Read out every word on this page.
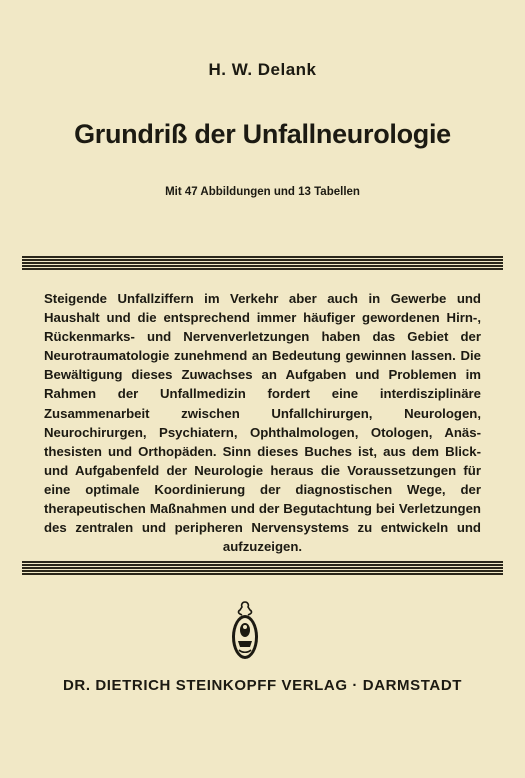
H. W. Delank
Grundriß der Unfallneurologie
Mit 47 Abbildungen und 13 Tabellen
Steigende Unfallziffern im Verkehr aber auch in Gewerbe und Haushalt und die entsprechend immer häufiger gewordenen Hirn-, Rückenmarks- und Nervenverletzungen haben das Gebiet der Neurotraumatologie zunehmend an Bedeutung gewinnen lassen. Die Bewältigung dieses Zuwachses an Aufgaben und Problemen im Rahmen der Unfallmedizin fordert eine interdisziplinäre Zusammenarbeit zwischen Unfallchirurgen, Neurologen, Neurochirurgen, Psychiatern, Ophthalmologen, Otologen, Anästhesisten und Orthopäden. Sinn dieses Buches ist, aus dem Blick- und Aufgabenfeld der Neurologie heraus die Voraussetzungen für eine optimale Koordinierung der diagnostischen Wege, der therapeutischen Maßnahmen und der Begutachtung bei Verletzungen des zentralen und peripheren Nervensystems zu entwickeln und aufzuzeigen.
DR. DIETRICH STEINKOPFF VERLAG · DARMSTADT
